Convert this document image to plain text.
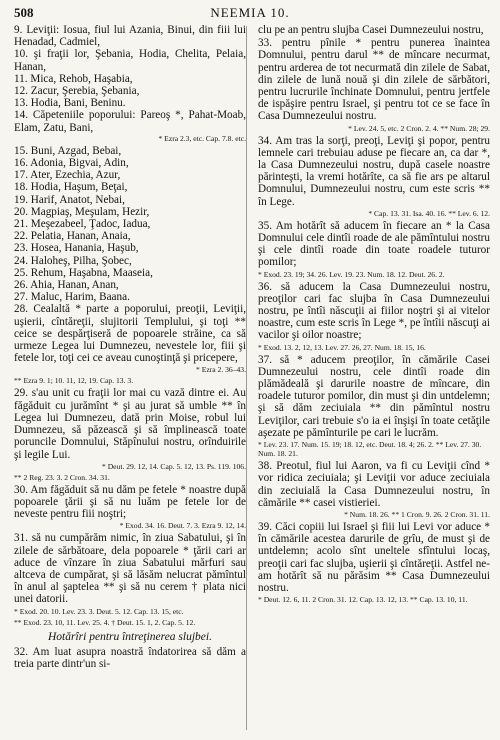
508	NEEMIA 10.

9. Leviţii: Iosua, fiul lui Azania, Binui, din fiii lui Henadad, Cadmiel,

10. şi fraţii lor, Şebania, Hodia, Chelita, Pelaia, Hanan,

11. Mica, Rehob, Haşabia,

12. Zacur, Şerebia, Şebania,

13. Hodia, Bani, Beninu.

14. Căpeteniile poporului: Pareoş *, Pahat-Moab, Elam, Zatu, Bani,

* Ezra 2.3, etc. Cap. 7.8. etc.

15. Buni, Azgad, Bebai,

16. Adonia, Bigvai, Adin,

17. Ater, Ezechia, Azur,

18. Hodia, Haşum, Beţai,

19. Harif, Anatot, Nebai,

20. Magpiaş, Meşulam, Hezir,

21. Meşezabeel, Ţadoc, Iadua,

22. Pelatia, Hanan, Anaia,

23. Hosea, Hanania, Haşub,

24. Haloheş, Pilha, Şobec,

25. Rehum, Haşabna, Maaseia,

26. Ahia, Hanan, Anan,

27. Maluc, Harim, Baana.

28. Cealaltă * parte a poporului, preoţii, Leviţii, uşierii, cîntăreţii, slujitorii Templului, şi toţi ** ceice se despărţiseră de popoarele străine, ca să urmeze Legea lui Dumnezeu, nevestele lor, fiii şi fetele lor, toţi cei ce aveau cunoştinţă şi pricepere,

* Ezra 2. 36–43.

** Ezra 9. 1; 10. 11, 12, 19. Cap. 13. 3.

29. s'au unit cu fraţii lor mai cu vază dintre ei. Au făgăduit cu jurămînt * şi au jurat să umble ** în Legea lui Dumnezeu, dată prin Moise, robul lui Dumnezeu, să păzească şi să împlinească toate poruncile Domnului, Stăpînului nostru, orînduirile şi legile Lui.

* Deut. 29. 12, 14. Cap. 5. 12, 13. Ps. 119. 106.

** 2 Reg. 23. 3. 2 Cron. 34. 31.

30. Am făgăduit să nu dăm pe fetele * noastre după popoarele ţării şi să nu luăm pe fetele lor de neveste pentru fiii noştri;

* Exod. 34. 16. Deut. 7. 3. Ezra 9. 12, 14.

31. să nu cumpărăm nimic, în ziua Sabatului, şi în zilele de sărbătoare, dela popoarele * ţării cari ar aduce de vînzare în ziua Sabatului mărfuri sau altceva de cumpărat, şi să lăsăm nelucrat pămîntul în anul al şaptelea ** şi să nu cerem † plata nici unei datorii.

* Exod. 20. 10. Lev. 23. 3. Deut. 5. 12. Cap. 13. 15, etc.

** Exod. 23. 10, 11. Lev. 25. 4. † Deut. 15. 1, 2. Cap. 5. 12.

Hotărîri pentru întreţinerea slujbei.

32. Am luat asupra noastră îndatorirea să dăm a treia parte dintr'un si-

clu pe an pentru slujba Casei Dumnezeului nostru,

33. pentru pînile * pentru punerea înaintea Domnului, pentru darul ** de mîncare necurmat, pentru arderea de tot necurmată din zilele de Sabat, din zilele de lună nouă şi din zilele de sărbători, pentru lucrurile închinate Domnului, pentru jertfele de ispăşire pentru Israel, şi pentru tot ce se face în Casa Dumnezeului nostru.

* Lev. 24. 5, etc. 2 Cron. 2. 4. ** Num. 28; 29.

34. Am tras la sorţi, preoţi, Leviţi şi popor, pentru lemnele cari trebuiau aduse pe fiecare an, ca dar *, la Casa Dumnezeului nostru, după casele noastre părinteşti, la vremi hotărîte, ca să fie ars pe altarul Domnului, Dumnezeului nostru, cum este scris ** în Lege.

* Cap. 13. 31. Isa. 40. 16. ** Lev. 6. 12.

35. Am hotărît să aducem în fiecare an * la Casa Domnului cele dintîi roade de ale pămîntului nostru şi cele dintîi roade din toate roadele tuturor pomilor;

* Exod. 23. 19; 34. 26. Lev. 19. 23. Num. 18. 12. Deut. 26. 2.

36. să aducem la Casa Dumnezeului nostru, preoţilor cari fac slujba în Casa Dumnezeului nostru, pe întîi născuţii ai fiilor noştri şi ai vitelor noastre, cum este scris în Lege *, pe întîii născuţi ai vacilor şi oilor noastre;

* Exod. 13. 2, 12, 13. Lev. 27. 26, 27. Num. 18. 15, 16.

37. să * aducem preoţilor, în cămările Casei Dumnezeului nostru, cele dintîi roade din plămădeală şi darurile noastre de mîncare, din roadele tuturor pomilor, din must şi din untdelemn; şi să dăm zeciuiala ** din pămîntul nostru Leviţilor, cari trebuie s'o ia ei înşişi în toate cetăţile aşezate pe pămînturile pe cari le lucrăm.

* Lev. 23. 17. Num. 15. 19; 18. 12, etc. Deut. 18. 4; 26. 2. ** Lev. 27. 30. Num. 18. 21.

38. Preotul, fiul lui Aaron, va fi cu Leviţii cînd * vor ridica zeciuiala; şi Leviţii vor aduce zeciuiala din zeciuială la Casa Dumnezeului nostru, în cămările ** casei vistieriei.

* Num. 18. 26. ** 1 Cron. 9. 26. 2 Cron. 31. 11.

39. Căci copiii lui Israel şi fiii lui Levi vor aduce * în cămările acestea darurile de grîu, de must şi de untdelemn; acolo sînt uneltele sfîntului locaş, preoţii cari fac slujba, uşierii şi cîntăreţii. Astfel ne-am hotărît să nu părăsim ** Casa Dumnezeului nostru.

* Deut. 12. 6, 11. 2 Cron. 31. 12. Cap. 13. 12, 13. ** Cap. 13. 10, 11.
